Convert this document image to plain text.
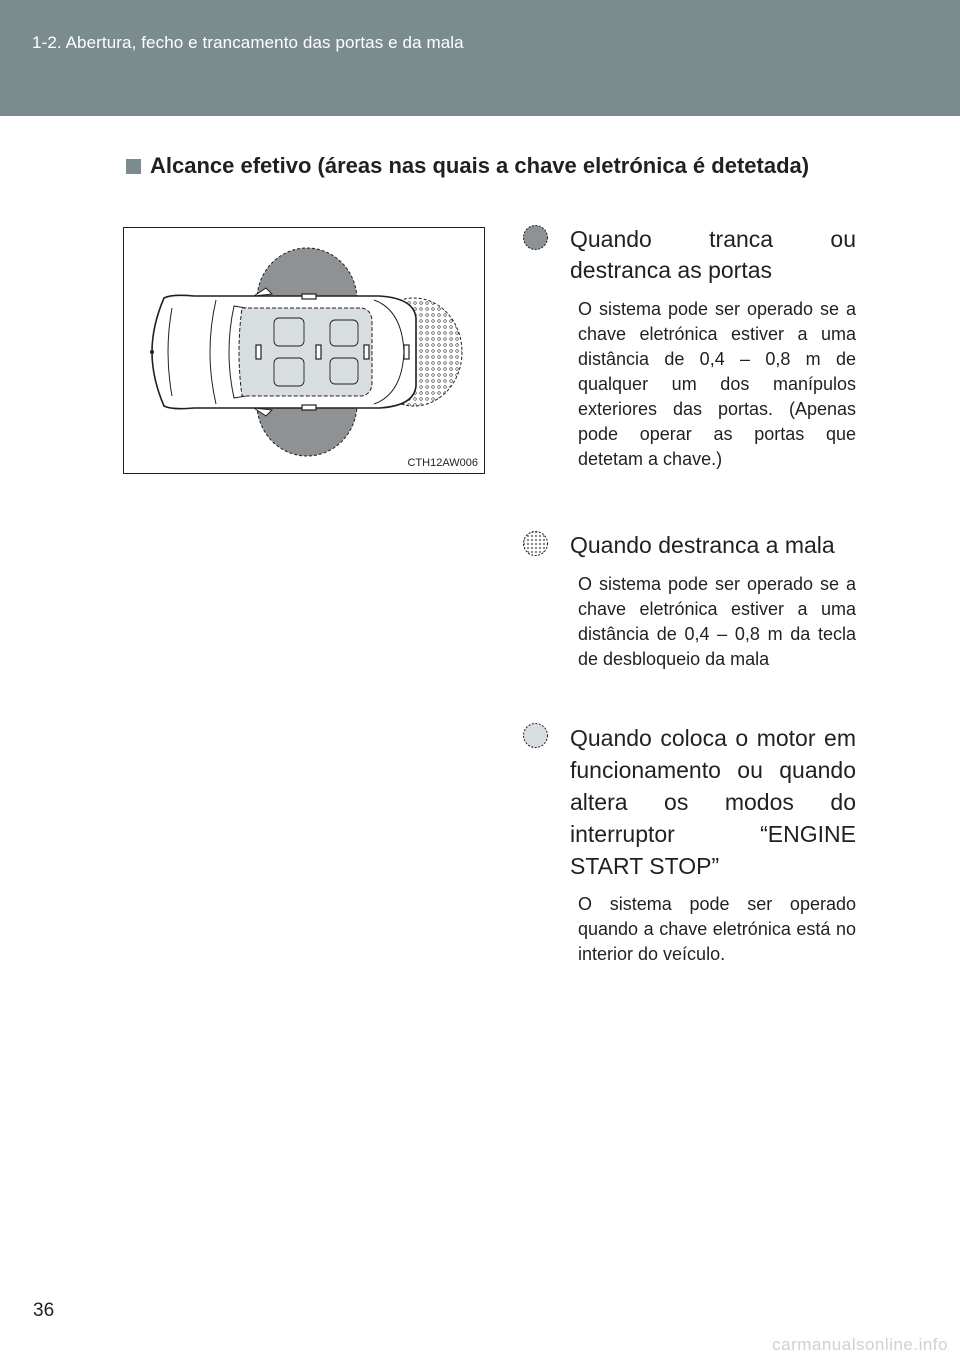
1-2. Abertura, fecho e trancamento das portas e da mala
Alcance efetivo (áreas nas quais a chave eletrónica é detetada)
CTH12AW006
Quando tranca ou destranca as portas
O sistema pode ser operado se a chave eletrónica estiver a uma distância de 0,4 – 0,8 m de qualquer um dos manípulos exteriores das portas. (Apenas pode operar as portas que detetam a chave.)
Quando destranca a mala
O sistema pode ser operado se a chave eletrónica estiver a uma distância de 0,4 – 0,8 m da tecla de desbloqueio da mala
Quando coloca o motor em funcionamento ou quando altera os modos do interruptor “ENGINE START STOP”
O sistema pode ser operado quando a chave eletrónica está no interior do veículo.
36
carmanualsonline.info
